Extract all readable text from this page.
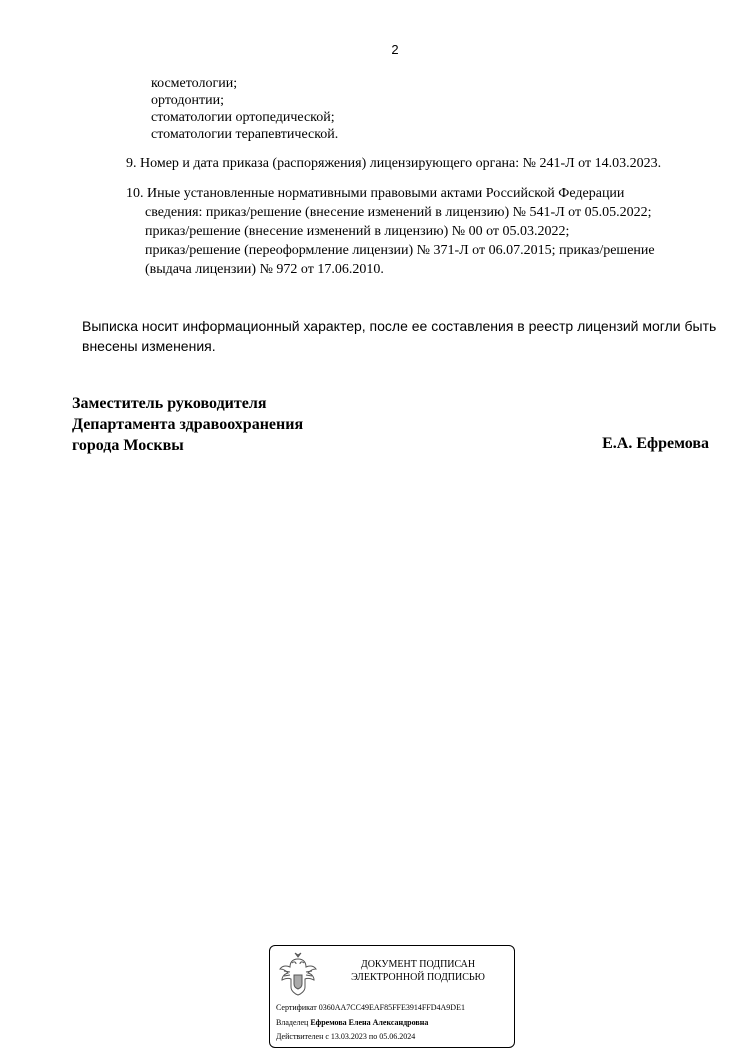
2
косметологии;
ортодонтии;
стоматологии ортопедической;
стоматологии терапевтической.
9. Номер и дата приказа (распоряжения) лицензирующего органа: № 241-Л от 14.03.2023.
10. Иные установленные нормативными правовыми актами Российской Федерации
сведения: приказ/решение (внесение изменений в лицензию) № 541-Л от 05.05.2022;
приказ/решение (внесение изменений в лицензию) № 00 от 05.03.2022;
приказ/решение (переоформление лицензии) № 371-Л от 06.07.2015; приказ/решение
(выдача лицензии) № 972 от 17.06.2010.
Выписка носит информационный характер, после ее составления в реестр лицензий могли быть
внесены изменения.
Заместитель руководителя
Департамента здравоохранения
города Москвы	Е.А. Ефремова
ДОКУМЕНТ ПОДПИСАН
ЭЛЕКТРОННОЙ ПОДПИСЬЮ
Сертификат 0360AA7CC49EAF85FFE3914FFD4A9DE1
Владелец Ефремова Елена Александровна
Действителен с 13.03.2023 по 05.06.2024
